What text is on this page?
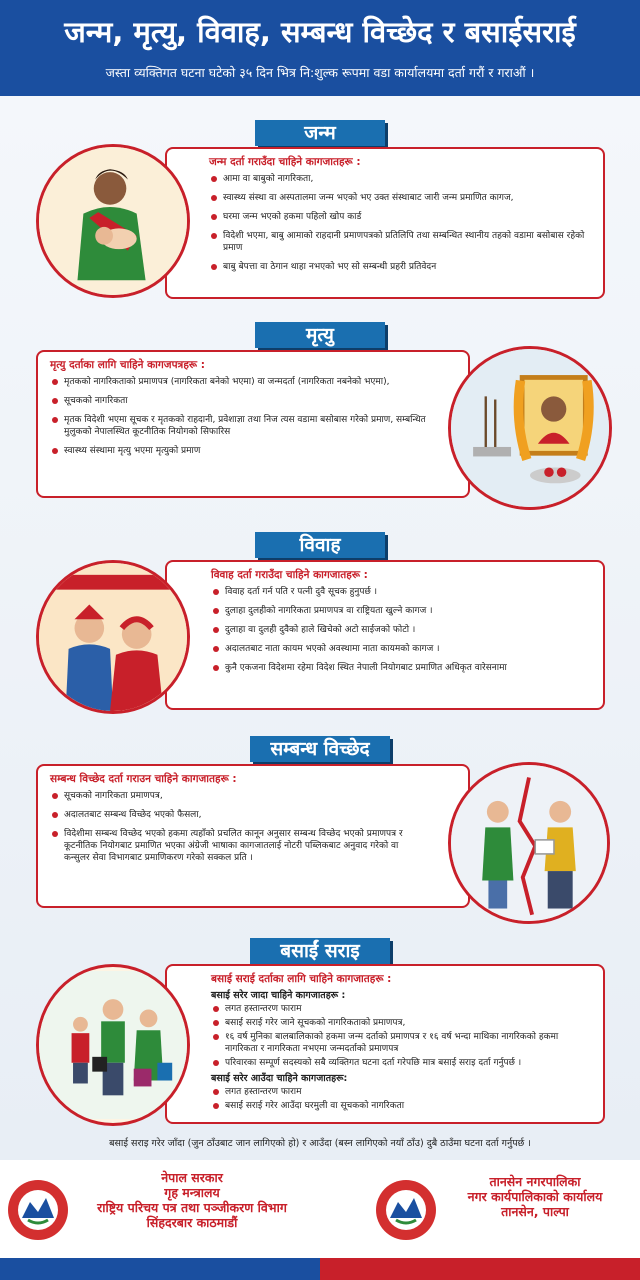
जन्म, मृत्यु, विवाह, सम्बन्ध विच्छेद र बसाईसराई
जस्ता व्यक्तिगत घटना घटेको ३५ दिन भित्र नि:शुल्क रूपमा वडा कार्यालयमा दर्ता गरौं र गराऔं ।
जन्म
जन्म दर्ता गराउँदा चाहिने कागजातहरू :
आमा वा बाबुको नागरिकता,
स्वास्थ्य संस्था वा अस्पतालमा जन्म भएको भए उक्त संस्थाबाट जारी जन्म प्रमाणित कागज,
घरमा जन्म भएको हकमा पहिलो खोप कार्ड
विदेशी भएमा, बाबु आमाको राहदानी प्रमाणपत्रको प्रतिलिपि तथा सम्बन्धित स्थानीय तहको वडामा बसोबास रहेको प्रमाण
बाबु बेपत्ता वा ठेगान थाहा नभएको भए सो सम्बन्धी प्रहरी प्रतिवेदन
मृत्यु
मृत्यु दर्ताका लागि चाहिने कागजपत्रहरू :
मृतकको नागरिकताको प्रमाणपत्र (नागरिकता बनेको भएमा) वा जन्मदर्ता (नागरिकता नबनेको भएमा),
सूचकको नागरिकता
मृतक विदेशी भएमा सूचक र मृतकको राहदानी, प्रवेशाज्ञा तथा निज त्यस वडामा बसोबास गरेको प्रमाण, सम्बन्धित मुलुकको नेपालस्थित कूटनीतिक नियोगको सिफारिस
स्वास्थ्य संस्थामा मृत्यु भएमा मृत्युको प्रमाण
विवाह
विवाह दर्ता गराउँदा चाहिने कागजातहरू :
विवाह दर्ता गर्न पति र पत्नी दुवै सूचक हुनुपर्छ ।
दुलाहा दुलहीको नागरिकता प्रमाणपत्र वा राष्ट्रियता खुल्ने कागज ।
दुलाहा वा दुलही दुवैको हाले खिचेको अटो साईजको फोटो ।
अदालतबाट नाता कायम भएको अवस्थामा नाता कायमको कागज ।
कुनै एकजना विदेशमा रहेमा विदेश स्थित नेपाली नियोगबाट प्रमाणित अधिकृत वारेसनामा
सम्बन्ध विच्छेद
सम्बन्ध विच्छेद दर्ता गराउन चाहिने कागजातहरू :
सूचकको नागरिकता प्रमाणपत्र,
अदालतबाट सम्बन्ध विच्छेद भएको फैसला,
विदेशीमा सम्बन्ध विच्छेद भएको हकमा त्यहाँको प्रचलित कानून अनुसार सम्बन्ध विच्छेद भएको प्रमाणपत्र र कूटनीतिक नियोगबाट प्रमाणित भएका अंग्रेजी भाषाका कागजातलाई नोटरी पब्लिकबाट अनुवाद गरेको वा कन्सुलर सेवा विभागबाट प्रमाणिकरण गरेको सक्कल प्रति ।
बसाईं सराइ
बसाई सराई दर्ताका लागि चाहिने कागजातहरू :
बसाई सरेर जादा चाहिने कागजातहरू :
लगत हस्तान्तरण फाराम
बसाई सराई गरेर जाने सूचकको नागरिकताको प्रमाणपत्र,
१६ वर्ष मुनिका बालबालिकाको हकमा जन्म दर्ताको प्रमाणपत्र र १६ वर्ष भन्दा माथिका नागरिकको हकमा नागरिकता र नागरिकता नभएमा जन्मदर्ताको प्रमाणपत्र
परिवारका सम्पूर्ण सदस्यको सबै व्यक्तिगत घटना दर्ता गरेपछि मात्र बसाई सराइ दर्ता गर्नुपर्छ ।
बसाई सरेर आउँदा चाहिने कागजातहरू:
लगत हस्तान्तरण फाराम
बसाई सराई गरेर आउँदा घरमुली वा सूचकको नागरिकता
बसाई सराइ गरेर जाँदा (जुन ठाँउबाट जान लागिएको हो) र आउँदा (बस्न लागिएको नयाँ ठाँउ) दुबै ठाउँमा घटना दर्ता गर्नुपर्छ ।
नेपाल सरकार
गृह मन्त्रालय
राष्ट्रिय परिचय पत्र तथा पञ्जीकरण विभाग
सिंहदरबार काठमाडौं
तानसेन नगरपालिका
नगर कार्यपालिकाको कार्यालय
तानसेन, पाल्पा
